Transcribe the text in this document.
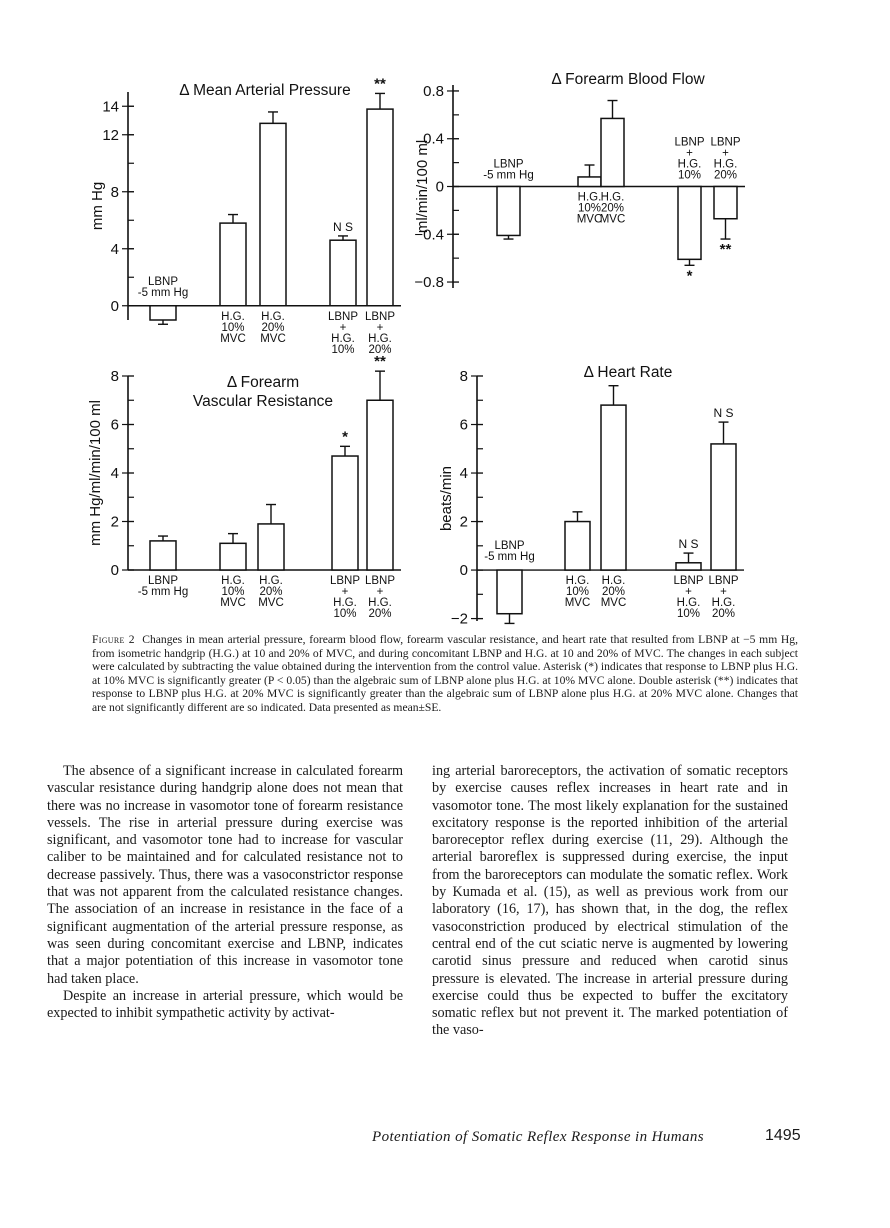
0
4
8
12
14
mm Hg
Δ Mean Arterial Pressure
LBNP
-5 mm Hg
H.G.
10%
MVC
H.G.
20%
MVC
N S
LBNP
+
H.G.
10%
**
LBNP
+
H.G.
20%
−0.8
−0.4
0
0.4
0.8
ml/min/100 ml
Δ Forearm Blood Flow
LBNP
-5 mm Hg
H.G.
10%
MVC
H.G.
20%
MVC
*
LBNP
+
H.G.
10%
**
LBNP
+
H.G.
20%
0
2
4
6
8
mm Hg/ml/min/100 ml
Δ Forearm
Vascular Resistance
LBNP
-5 mm Hg
H.G.
10%
MVC
H.G.
20%
MVC
*
LBNP
+
H.G.
10%
**
LBNP
+
H.G.
20%	−2
0
2
4
6
8
beats/min
Δ Heart Rate
LBNP
-5 mm Hg
H.G.
10%
MVC
H.G.
20%
MVC
N S
LBNP
+
H.G.
10%
N S
LBNP
+
H.G.
20%
Figure 2 Changes in mean arterial pressure, forearm blood flow, forearm vascular resistance, and heart rate that resulted from LBNP at −5 mm Hg, from isometric handgrip (H.G.) at 10 and 20% of MVC, and during concomitant LBNP and H.G. at 10 and 20% of MVC. The changes in each subject were calculated by subtracting the value obtained during the intervention from the control value. Asterisk (*) indicates that response to LBNP plus H.G. at 10% MVC is significantly greater (P < 0.05) than the algebraic sum of LBNP alone plus H.G. at 10% MVC alone. Double asterisk (**) indicates that response to LBNP plus H.G. at 20% MVC is significantly greater than the algebraic sum of LBNP alone plus H.G. at 20% MVC alone. Changes that are not significantly different are so indicated. Data presented as mean±SE.

The absence of a significant increase in calculated forearm vascular resistance during handgrip alone does not mean that there was no increase in vasomotor tone of forearm resistance vessels. The rise in arterial pressure during exercise was significant, and vasomotor tone had to increase for vascular caliber to be maintained and for calculated resistance not to decrease passively. Thus, there was a vasoconstrictor response that was not apparent from the calculated resistance changes. The association of an increase in resistance in the face of a significant augmentation of the arterial pressure response, as was seen during concomitant exercise and LBNP, indicates that a major potentiation of this increase in vasomotor tone had taken place.

Despite an increase in arterial pressure, which would be expected to inhibit sympathetic activity by activat-

ing arterial baroreceptors, the activation of somatic receptors by exercise causes reflex increases in heart rate and in vasomotor tone. The most likely explanation for the sustained excitatory response is the reported inhibition of the arterial baroreceptor reflex during exercise (11, 29). Although the arterial baroreflex is suppressed during exercise, the input from the baroreceptors can modulate the somatic reflex. Work by Kumada et al. (15), as well as previous work from our laboratory (16, 17), has shown that, in the dog, the reflex vasoconstriction produced by electrical stimulation of the central end of the cut sciatic nerve is augmented by lowering carotid sinus pressure and reduced when carotid sinus pressure is elevated. The increase in arterial pressure during exercise could thus be expected to buffer the excitatory somatic reflex but not prevent it. The marked potentiation of the vaso-

Potentiation of Somatic Reflex Response in Humans	1495
